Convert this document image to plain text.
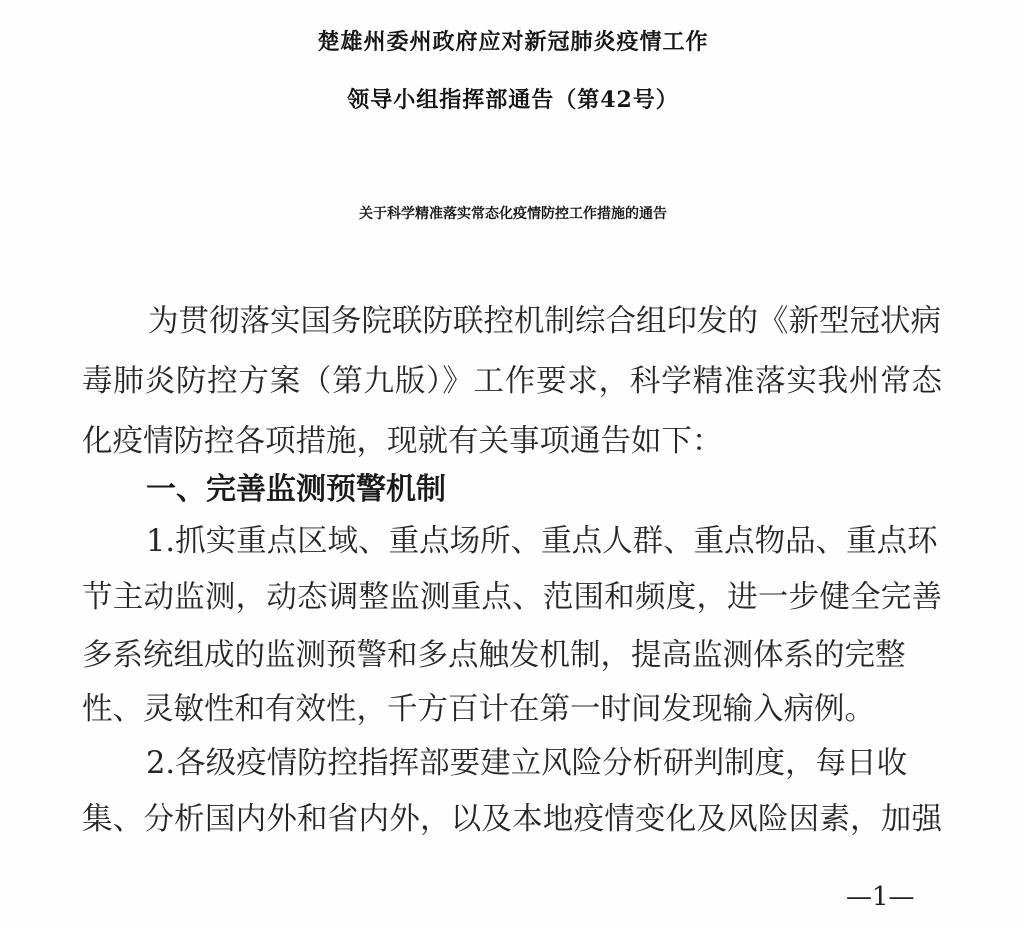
楚雄州委州政府应对新冠肺炎疫情工作
领导小组指挥部通告（第42号）
关于科学精准落实常态化疫情防控工作措施的通告
为贯彻落实国务院联防联控机制综合组印发的《新型冠状病
毒肺炎防控方案（第九版）》工作要求，科学精准落实我州常态
化疫情防控各项措施，现就有关事项通告如下：
一、完善监测预警机制
1.抓实重点区域、重点场所、重点人群、重点物品、重点环
节主动监测，动态调整监测重点、范围和频度，进一步健全完善
多系统组成的监测预警和多点触发机制，提高监测体系的完整
性、灵敏性和有效性，千方百计在第一时间发现输入病例。
2.各级疫情防控指挥部要建立风险分析研判制度，每日收
集、分析国内外和省内外，以及本地疫情变化及风险因素，加强
—1—
